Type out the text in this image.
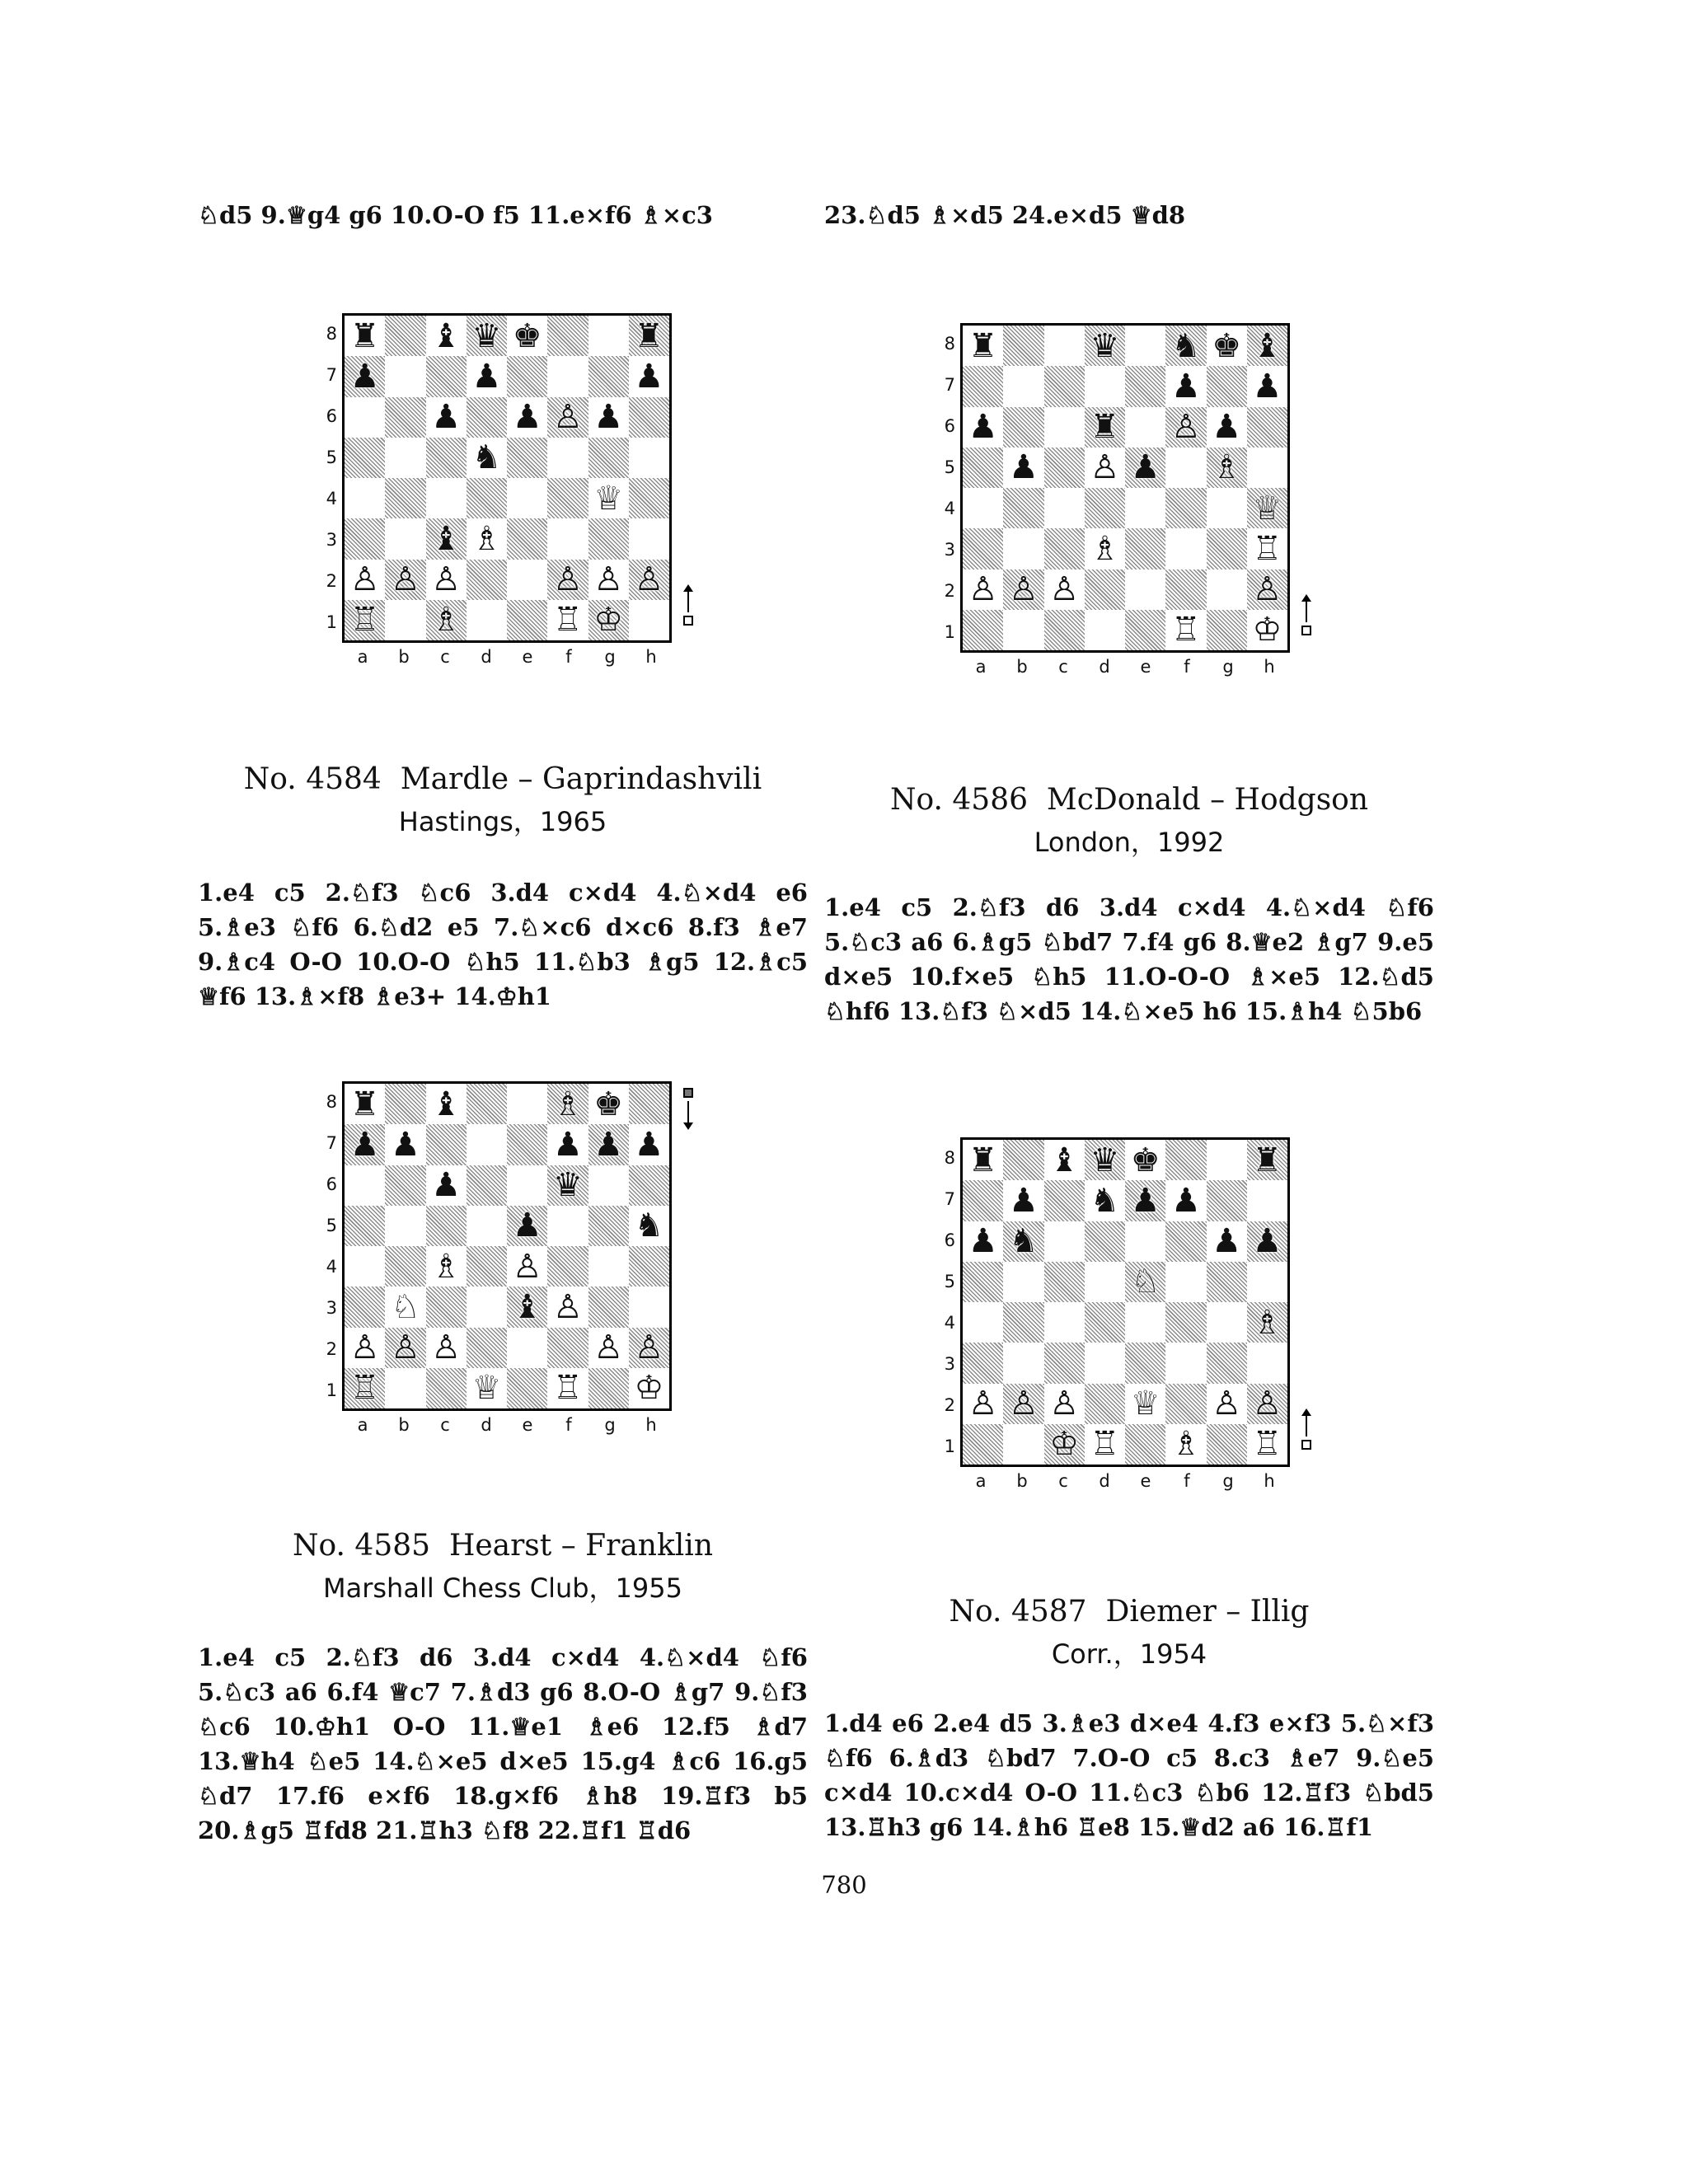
♘d5 9.♕g4 g6 10.O-O f5 11.e×f6 ♗×c3	23.♘d5 ♗×d5 24.e×d5 ♕d8

8
7
6
5
4
3
2
1
♜ ♝ ♛ ♚	♜
♟	♟	♟
♟ ♟ ♙ ♟
♞
♕
♝ ♗
♙ ♙ ♙	♙ ♙ ♙
♖ ♗	♖ ♔
a	b	c	d	e	f	g	h
No. 4584 Mardle – Gaprindashvili
Hastings，1965

1.e4 c5 2.♘f3 ♘c6 3.d4 c×d4 4.♘×d4 e6 5.♗e3 ♘f6 6.♘d2 e5 7.♘×c6 d×c6 8.f3 ♗e7 9.♗c4 O-O 10.O-O ♘h5 11.♘b3 ♗g5 12.♗c5 ♕f6 13.♗×f8 ♗e3+ 14.♔h1

8
7
6
5
4
3
2
1
♜ ♝	♗ ♚
♟ ♟	♟ ♟ ♟
♟	♛
♟	♞
♗ ♙
♘	♝ ♙
♙ ♙ ♙	♙ ♙
♖	♕ ♖ ♔
a	b	c	d	e	f	g	h
No. 4585 Hearst – Franklin
Marshall Chess Club，1955

1.e4 c5 2.♘f3 d6 3.d4 c×d4 4.♘×d4 ♘f6 5.♘c3 a6 6.f4 ♕c7 7.♗d3 g6 8.O-O ♗g7 9.♘f3 ♘c6 10.♔h1 O-O 11.♕e1 ♗e6 12.f5 ♗d7 13.♕h4 ♘e5 14.♘×e5 d×e5 15.g4 ♗c6 16.g5 ♘d7 17.f6 e×f6 18.g×f6 ♗h8 19.♖f3 b5 20.♗g5 ♖fd8 21.♖h3 ♘f8 22.♖f1 ♖d6

8
7
6
5
4
3
2
1
♜	♛ ♞ ♚ ♝
♟ ♟
♟	♜ ♙ ♟
♟ ♙ ♟ ♗
♕
♗	♖
♙ ♙ ♙	♙
♖ ♔
a	b	c	d	e	f	g	h
No. 4586 McDonald – Hodgson
London，1992

1.e4 c5 2.♘f3 d6 3.d4 c×d4 4.♘×d4 ♘f6 5.♘c3 a6 6.♗g5 ♘bd7 7.f4 g6 8.♕e2 ♗g7 9.e5 d×e5 10.f×e5 ♘h5 11.O-O-O ♗×e5 12.♘d5 ♘hf6 13.♘f3 ♘×d5 14.♘×e5 h6 15.♗h4 ♘5b6

8
7
6
5
4
3
2
1
♜ ♝ ♛ ♚	♜
♟ ♞ ♟ ♟
♟ ♞	♟ ♟
♘
♗
♙ ♙ ♙ ♕ ♙ ♙
♔ ♖ ♗ ♖
a	b	c	d	e	f	g	h
No. 4587 Diemer – Illig
Corr.，1954

1.d4 e6 2.e4 d5 3.♗e3 d×e4 4.f3 e×f3 5.♘×f3 ♘f6 6.♗d3 ♘bd7 7.O-O c5 8.c3 ♗e7 9.♘e5 c×d4 10.c×d4 O-O 11.♘c3 ♘b6 12.♖f3 ♘bd5 13.♖h3 g6 14.♗h6 ♖e8 15.♕d2 a6 16.♖f1

780
